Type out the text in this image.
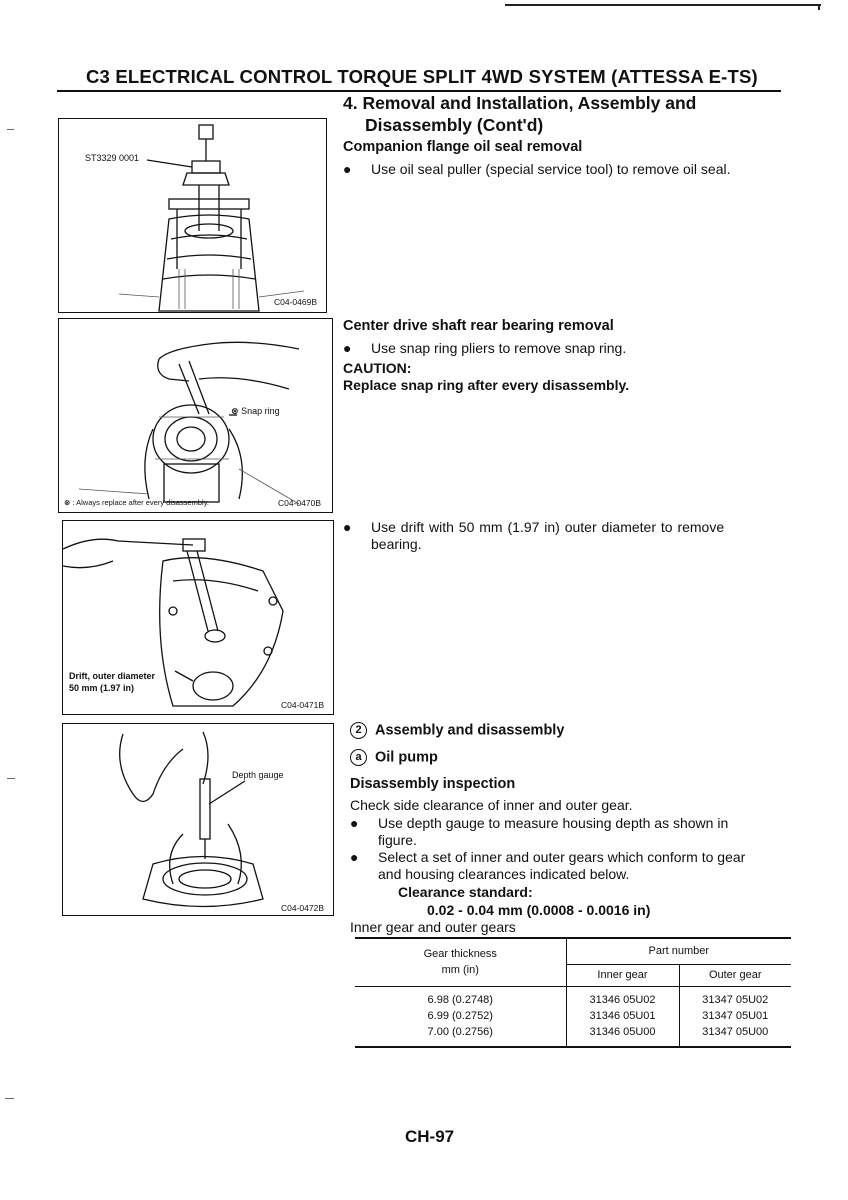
C3 ELECTRICAL CONTROL TORQUE SPLIT 4WD SYSTEM (ATTESSA E-TS)
4. Removal and Installation, Assembly and
Disassembly (Cont'd)
Companion flange oil seal removal
●	Use oil seal puller (special service tool) to remove oil seal.
Center drive shaft rear bearing removal
●	Use snap ring pliers to remove snap ring.
CAUTION:
Replace snap ring after every disassembly.
●	Use drift with 50 mm (1.97 in) outer diameter to remove
bearing.
2 Assembly and disassembly
a Oil pump
Disassembly inspection
Check side clearance of inner and outer gear.
●	Use depth gauge to measure housing depth as shown in
figure.
●	Select a set of inner and outer gears which conform to gear
and housing clearances indicated below.
Clearance standard:
0.02 - 0.04 mm (0.0008 - 0.0016 in)
Inner gear and outer gears
Gear thickness
mm (in)	Part number	
	Inner gear	Outer gear

6.98 (0.2748)	31346 05U02	31347 05U02
6.99 (0.2752)	31346 05U01	31347 05U01
7.00 (0.2756)	31346 05U00	31347 05U00

ST3329 0001
C04-0469B
⊗ Snap ring
⊗ : Always replace after every disassembly.	C04-0470B
Drift, outer diameter
50 mm (1.97 in)
C04-0471B
Depth gauge
C04-0472B
CH-97
